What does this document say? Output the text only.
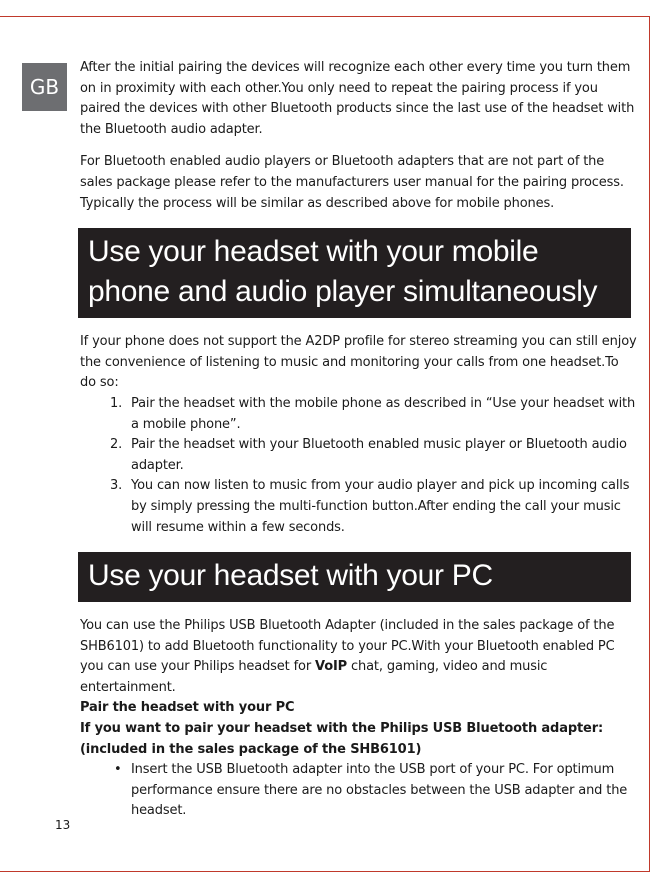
GB

After the initial pairing the devices will recognize each other every time you turn them on in proximity with each other.You only need to repeat the pairing process if you paired the devices with other Bluetooth products since the last use of the headset with the Bluetooth audio adapter.

For Bluetooth enabled audio players or Bluetooth adapters that are not part of the sales package please refer to the manufacturers user manual for the pairing process. Typically the process will be similar as described above for mobile phones.

Use your headset with your mobile phone and audio player simultaneously

If your phone does not support the A2DP profile for stereo streaming you can still enjoy the convenience of listening to music and monitoring your calls from one headset.To do so:

1. Pair the headset with the mobile phone as described in “Use your headset with a mobile phone”.
2. Pair the headset with your Bluetooth enabled music player or Bluetooth audio adapter.
3. You can now listen to music from your audio player and pick up incoming calls by simply pressing the multi-function button.After ending the call your music will resume within a few seconds.
Use your headset with your PC

You can use the Philips USB Bluetooth Adapter (included in the sales package of the SHB6101) to add Bluetooth functionality to your PC.With your Bluetooth enabled PC you can use your Philips headset for VoIP chat, gaming, video and music entertainment.

Pair the headset with your PC

If you want to pair your headset with the Philips USB Bluetooth adapter: (included in the sales package of the SHB6101)

• Insert the USB Bluetooth adapter into the USB port of your PC. For optimum performance ensure there are no obstacles between the USB adapter and the headset.
13
